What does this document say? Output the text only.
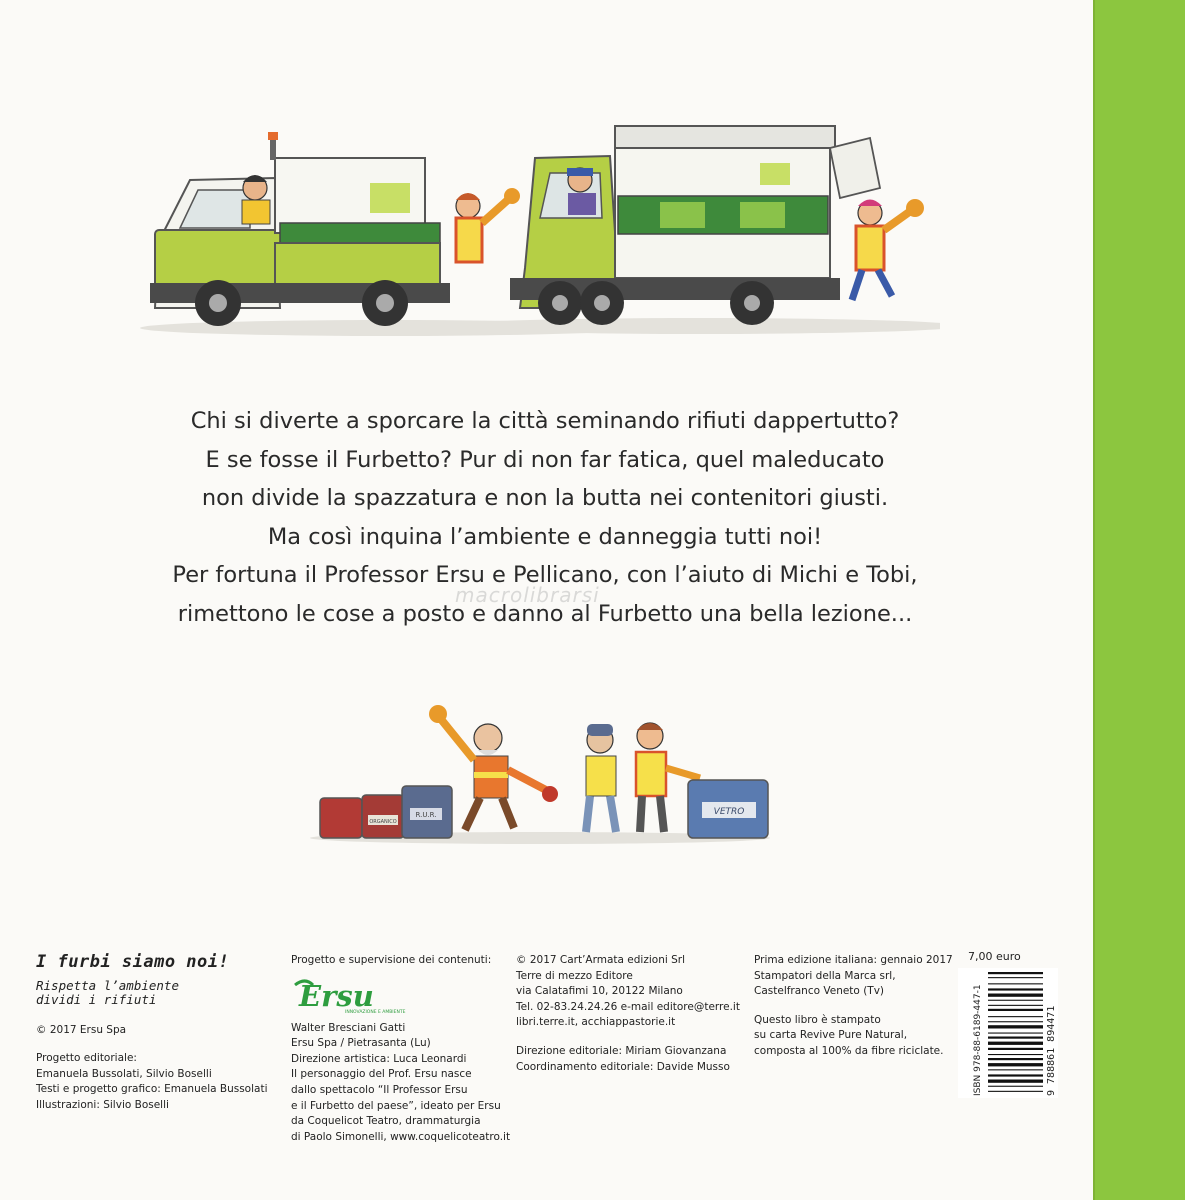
Chi si diverte a sporcare la città seminando rifiuti dappertutto?
E se fosse il Furbetto? Pur di non far fatica, quel maleducato
non divide la spazzatura e non la butta nei contenitori giusti.
Ma così inquina l’ambiente e danneggia tutti noi!
Per fortuna il Professor Ersu e Pellicano, con l’aiuto di Michi e Tobi,
rimettono le cose a posto e danno al Furbetto una bella lezione...
macrolibrarsi
ORGANICO
R.U.R.	VETRO
I furbi siamo noi!
Rispetta l’ambiente
dividi i rifiuti
© 2017 Ersu Spa
Progetto editoriale:
Emanuela Bussolati, Silvio Boselli
Testi e progetto grafico: Emanuela Bussolati
Illustrazioni: Silvio Boselli
Progetto e supervisione dei contenuti:
Ersu
INNOVAZIONE E AMBIENTE
Walter Bresciani Gatti
Ersu Spa / Pietrasanta (Lu)
Direzione artistica: Luca Leonardi
Il personaggio del Prof. Ersu nasce
dallo spettacolo “Il Professor Ersu
e il Furbetto del paese”, ideato per Ersu
da Coquelicot Teatro, drammaturgia
di Paolo Simonelli, www.coquelicoteatro.it
© 2017 Cart’Armata edizioni Srl
Terre di mezzo Editore
via Calatafimi 10, 20122 Milano
Tel. 02-83.24.24.26 e-mail editore@terre.it
libri.terre.it, acchiappastorie.it
Direzione editoriale: Miriam Giovanzana
Coordinamento editoriale: Davide Musso
Prima edizione italiana: gennaio 2017
Stampatori della Marca srl,
Castelfranco Veneto (Tv)
Questo libro è stampato
su carta Revive Pure Natural,
composta al 100% da fibre riciclate.
7,00 euro
ISBN 978-88-6189-447-1	9 788861 894471
